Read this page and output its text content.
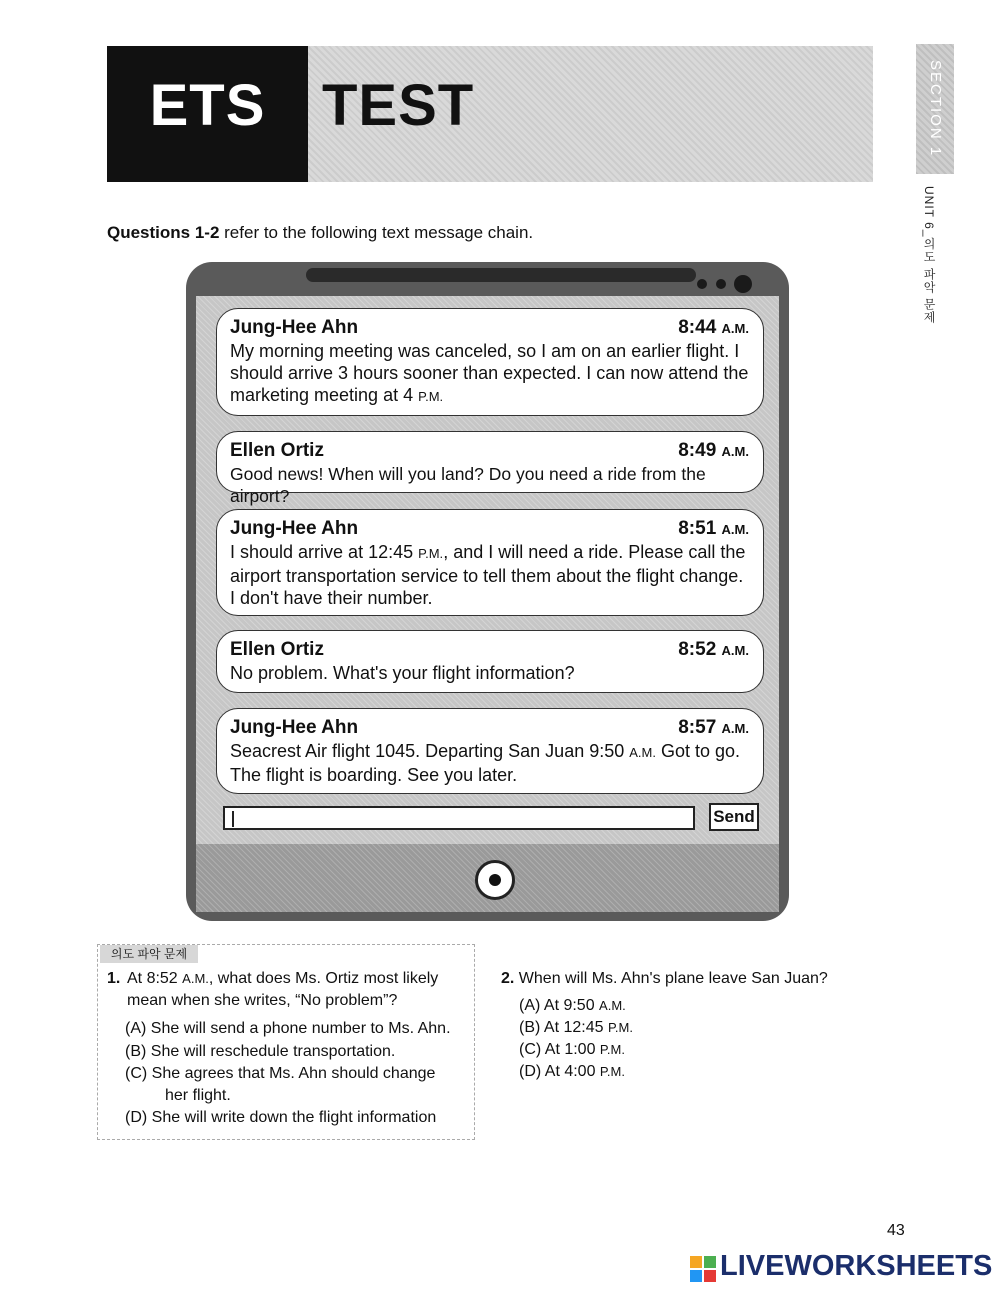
ETS TEST	SECTION 1
UNIT 6_의도 파악 문제
Questions 1-2 refer to the following text message chain.
Jung-Hee Ahn	8:44 A.M.
My morning meeting was canceled, so I am on an earlier flight. I should arrive 3 hours sooner than expected. I can now attend the marketing meeting at 4 P.M.
Ellen Ortiz	8:49 A.M.
Good news! When will you land? Do you need a ride from the airport?
Jung-Hee Ahn	8:51 A.M.
I should arrive at 12:45 P.M., and I will need a ride. Please call the airport transportation service to tell them about the flight change. I don't have their number.
Ellen Ortiz	8:52 A.M.
No problem. What's your flight information?
Jung-Hee Ahn	8:57 A.M.
Seacrest Air flight 1045. Departing San Juan 9:50 A.M. Got to go. The flight is boarding. See you later.
Send
의도 파악 문제
1. At 8:52 A.M., what does Ms. Ortiz most likely mean when she writes, “No problem”?
(A) She will send a phone number to Ms. Ahn.
(B) She will reschedule transportation.
(C) She agrees that Ms. Ahn should change her flight.
(D) She will write down the flight information
2. When will Ms. Ahn's plane leave San Juan?
(A) At 9:50 A.M.
(B) At 12:45 P.M.
(C) At 1:00 P.M.
(D) At 4:00 P.M.
43
LIVEWORKSHEETS
